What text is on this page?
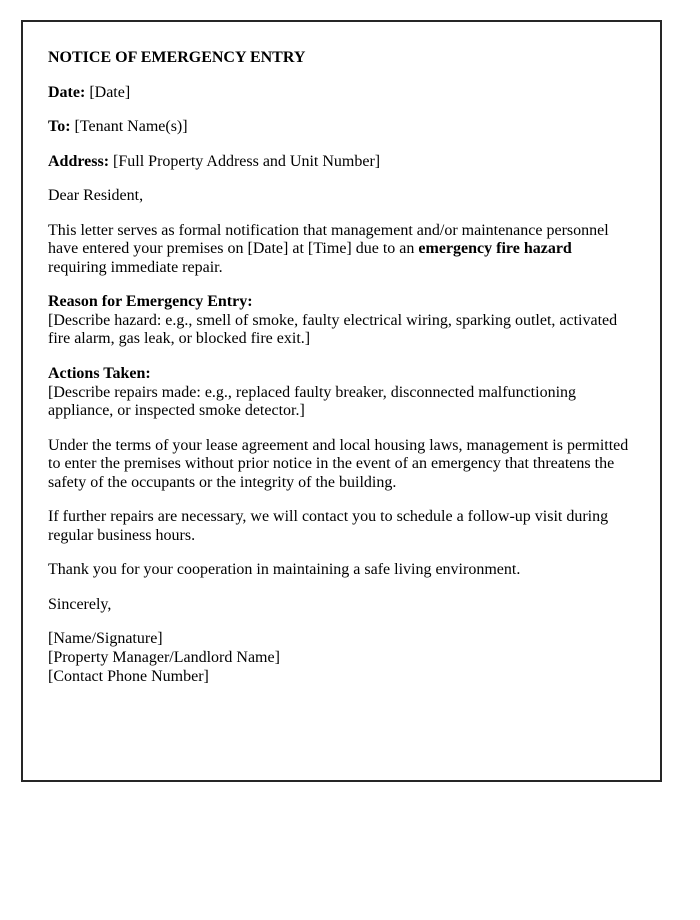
NOTICE OF EMERGENCY ENTRY

Date: [Date]

To: [Tenant Name(s)]

Address: [Full Property Address and Unit Number]

Dear Resident,

This letter serves as formal notification that management and/or maintenance personnel have entered your premises on [Date] at [Time] due to an emergency fire hazard requiring immediate repair.

Reason for Emergency Entry:
[Describe hazard: e.g., smell of smoke, faulty electrical wiring, sparking outlet, activated fire alarm, gas leak, or blocked fire exit.]

Actions Taken:
[Describe repairs made: e.g., replaced faulty breaker, disconnected malfunctioning appliance, or inspected smoke detector.]

Under the terms of your lease agreement and local housing laws, management is permitted to enter the premises without prior notice in the event of an emergency that threatens the safety of the occupants or the integrity of the building.

If further repairs are necessary, we will contact you to schedule a follow-up visit during regular business hours.

Thank you for your cooperation in maintaining a safe living environment.

Sincerely,

[Name/Signature]
[Property Manager/Landlord Name]
[Contact Phone Number]
